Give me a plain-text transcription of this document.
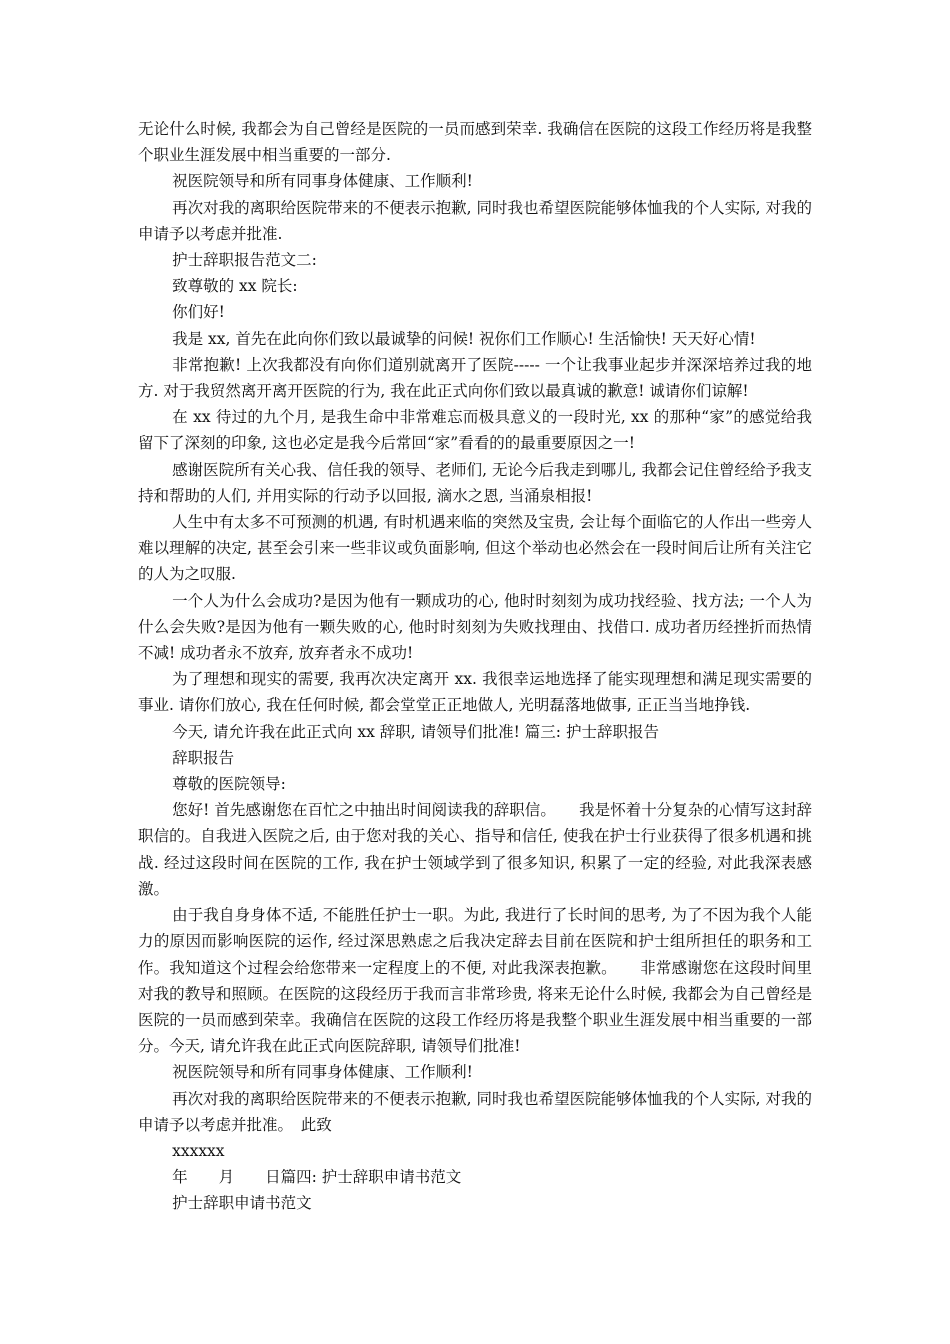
无论什么时候, 我都会为自己曾经是医院的一员而感到荣幸. 我确信在医院的这段工作经历将是我整个职业生涯发展中相当重要的一部分.

祝医院领导和所有同事身体健康、工作顺利!

再次对我的离职给医院带来的不便表示抱歉, 同时我也希望医院能够体恤我的个人实际, 对我的申请予以考虑并批准.

护士辞职报告范文二:

致尊敬的 xx 院长:

你们好!

我是 xx, 首先在此向你们致以最诚挚的问候! 祝你们工作顺心! 生活愉快! 天天好心情!

非常抱歉! 上次我都没有向你们道别就离开了医院----- 一个让我事业起步并深深培养过我的地方. 对于我贸然离开离开医院的行为, 我在此正式向你们致以最真诚的歉意! 诚请你们谅解!

在 xx 待过的九个月, 是我生命中非常难忘而极具意义的一段时光, xx 的那种“家”的感觉给我留下了深刻的印象, 这也必定是我今后常回“家”看看的的最重要原因之一!

感谢医院所有关心我、信任我的领导、老师们, 无论今后我走到哪儿, 我都会记住曾经给予我支持和帮助的人们, 并用实际的行动予以回报, 滴水之恩, 当涌泉相报!

人生中有太多不可预测的机遇, 有时机遇来临的突然及宝贵, 会让每个面临它的人作出一些旁人难以理解的决定, 甚至会引来一些非议或负面影响, 但这个举动也必然会在一段时间后让所有关注它的人为之叹服.

一个人为什么会成功?是因为他有一颗成功的心, 他时时刻刻为成功找经验、找方法; 一个人为什么会失败?是因为他有一颗失败的心, 他时时刻刻为失败找理由、找借口. 成功者历经挫折而热情不减! 成功者永不放弃, 放弃者永不成功!

为了理想和现实的需要, 我再次决定离开 xx. 我很幸运地选择了能实现理想和满足现实需要的事业. 请你们放心, 我在任何时候, 都会堂堂正正地做人, 光明磊落地做事, 正正当当地挣钱.

今天, 请允许我在此正式向 xx 辞职, 请领导们批准! 篇三: 护士辞职报告

辞职报告

尊敬的医院领导:

您好! 首先感谢您在百忙之中抽出时间阅读我的辞职信。　　我是怀着十分复杂的心情写这封辞职信的。自我进入医院之后, 由于您对我的关心、指导和信任, 使我在护士行业获得了很多机遇和挑战. 经过这段时间在医院的工作, 我在护士领域学到了很多知识, 积累了一定的经验, 对此我深表感激。

由于我自身身体不适, 不能胜任护士一职。为此, 我进行了长时间的思考, 为了不因为我个人能力的原因而影响医院的运作, 经过深思熟虑之后我决定辞去目前在医院和护士组所担任的职务和工作。我知道这个过程会给您带来一定程度上的不便, 对此我深表抱歉。　　非常感谢您在这段时间里对我的教导和照顾。在医院的这段经历于我而言非常珍贵, 将来无论什么时候, 我都会为自己曾经是医院的一员而感到荣幸。我确信在医院的这段工作经历将是我整个职业生涯发展中相当重要的一部分。今天, 请允许我在此正式向医院辞职, 请领导们批准!

祝医院领导和所有同事身体健康、工作顺利!

再次对我的离职给医院带来的不便表示抱歉, 同时我也希望医院能够体恤我的个人实际, 对我的申请予以考虑并批准。　此致

xxxxxx

年　　月　　日篇四: 护士辞职申请书范文

护士辞职申请书范文
